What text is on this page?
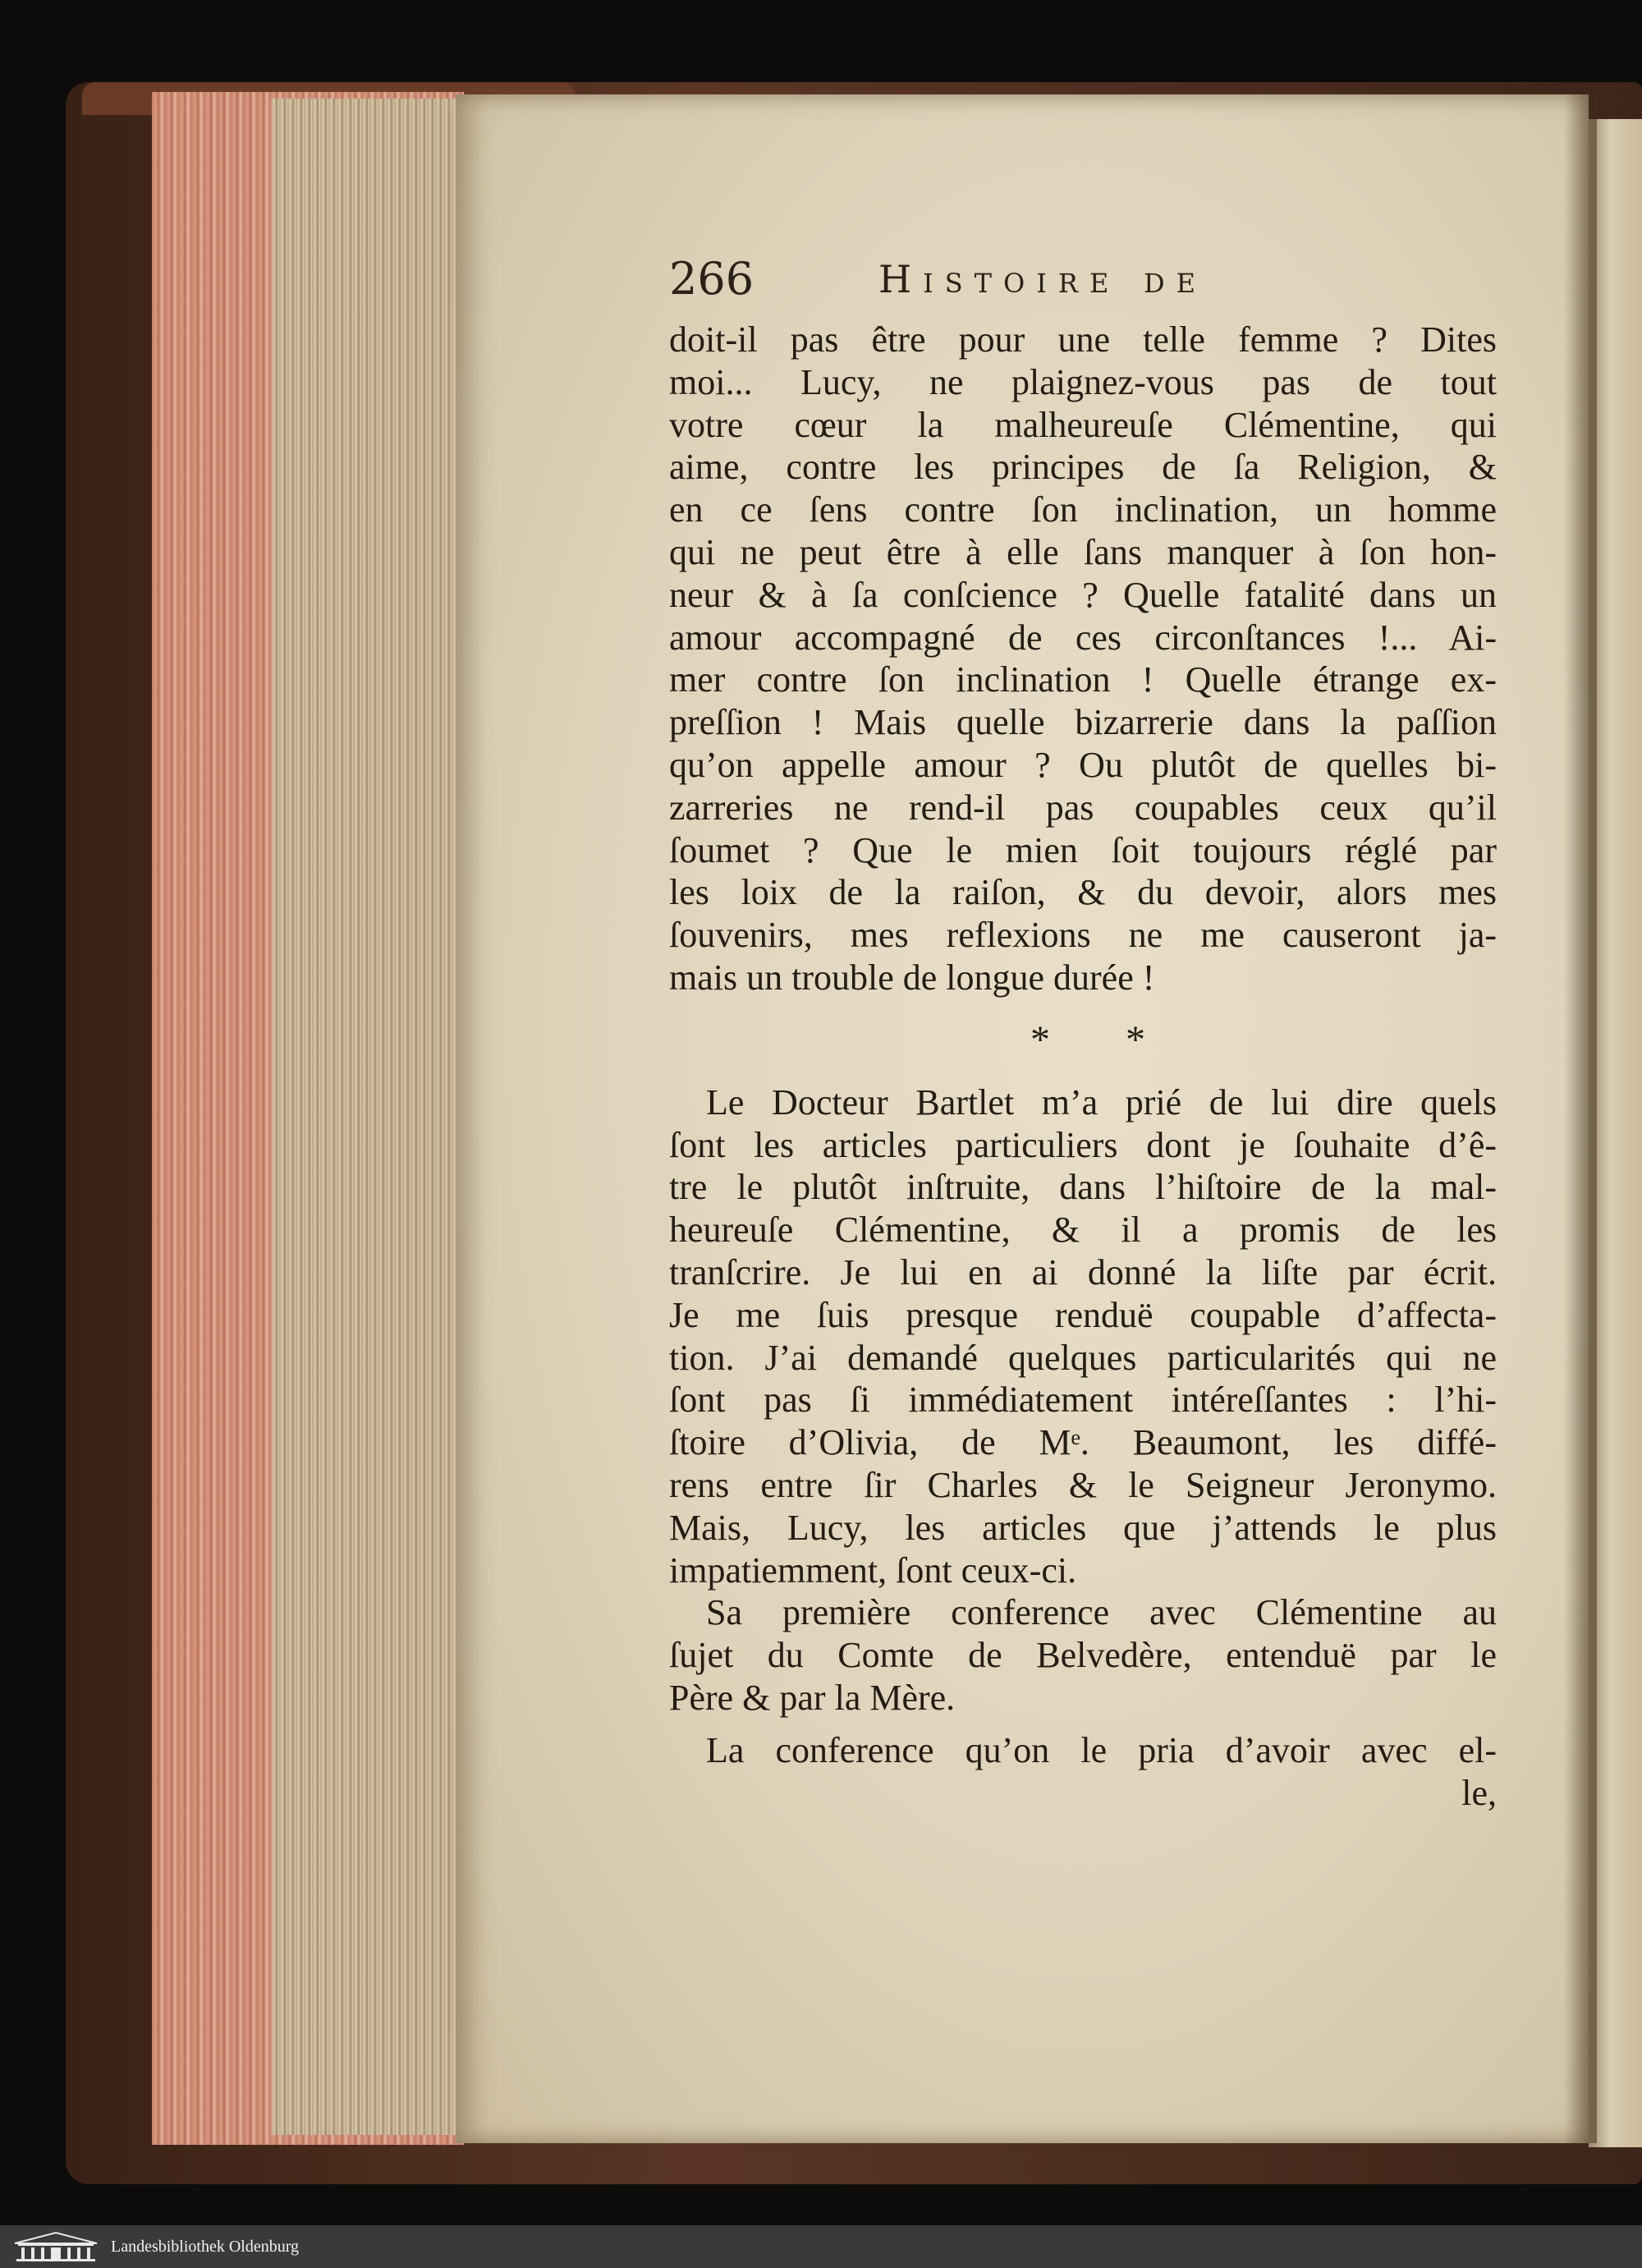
266	Histoire de
doit-il pas être pour une telle femme ? Dites
moi... Lucy, ne plaignez-vous pas de tout
votre cœur la malheureuſe Clémentine, qui
aime, contre les principes de ſa Religion, &
en ce ſens contre ſon inclination, un homme
qui ne peut être à elle ſans manquer à ſon hon-
neur & à ſa conſcience ? Quelle fatalité dans un
amour accompagné de ces circonſtances !... Ai-
mer contre ſon inclination ! Quelle étrange ex-
preſſion ! Mais quelle bizarrerie dans la paſſion
qu’on appelle amour ? Ou plutôt de quelles bi-
zarreries ne rend-il pas coupables ceux qu’il
ſoumet ? Que le mien ſoit toujours réglé par
les loix de la raiſon, & du devoir, alors mes
ſouvenirs, mes reflexions ne me causeront ja-
mais un trouble de longue durée !
* *
Le Docteur Bartlet m’a prié de lui dire quels
ſont les articles particuliers dont je ſouhaite d’ê-
tre le plutôt inſtruite, dans l’hiſtoire de la mal-
heureuſe Clémentine, & il a promis de les
tranſcrire. Je lui en ai donné la liſte par écrit.
Je me ſuis presque renduë coupable d’affecta-
tion. J’ai demandé quelques particularités qui ne
ſont pas ſi immédiatement intéreſſantes : l’hi-
ſtoire d’Olivia, de Mᵉ. Beaumont, les diffé-
rens entre ſir Charles & le Seigneur Jeronymo.
Mais, Lucy, les articles que j’attends le plus
impatiemment, ſont ceux-ci.
Sa première conference avec Clémentine au
ſujet du Comte de Belvedère, entenduë par le
Père & par la Mère.
La conference qu’on le pria d’avoir avec el-
le,
Landesbibliothek Oldenburg
